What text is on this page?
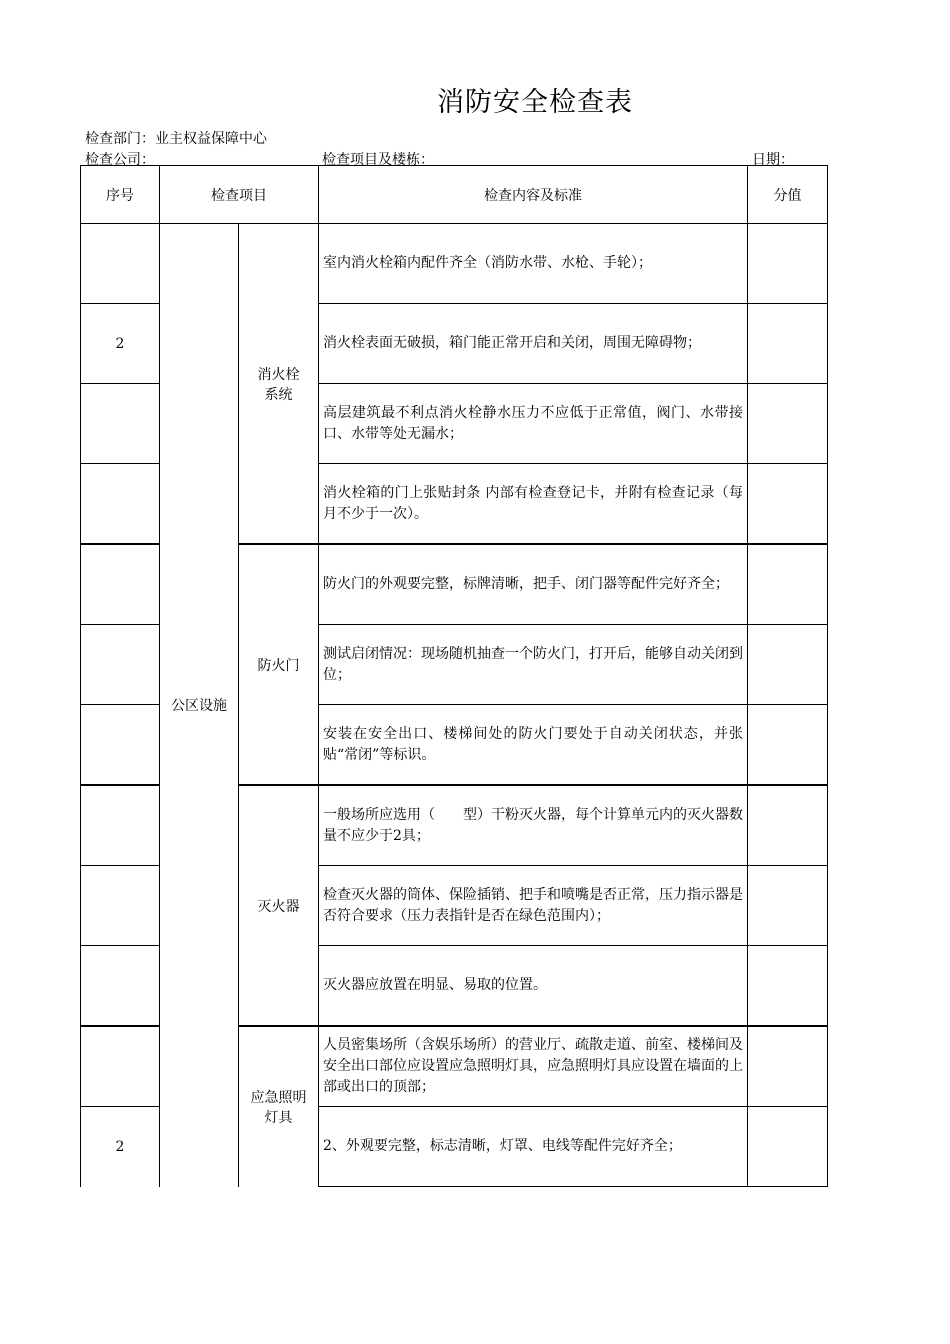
消防安全检查表
检查部门：业主权益保障中心
检查公司：	检查项目及楼栋：	日期：
序号	检查项目		检查内容及标准	分值
	公区设施	消火栓系统	室内消火栓箱内配件齐全（消防水带、水枪、手轮）；	
2			消火栓表面无破损，箱门能正常开启和关闭，周围无障碍物；	
			高层建筑最不利点消火栓静水压力不应低于正常值，阀门、水带接口、水带等处无漏水；	
			消火栓箱的门上张贴封条 内部有检查登记卡，并附有检查记录（每月不少于一次）。	
		防火门	防火门的外观要完整，标牌清晰，把手、闭门器等配件完好齐全；	
			测试启闭情况：现场随机抽查一个防火门，打开后，能够自动关闭到位；	
			安装在安全出口、楼梯间处的防火门要处于自动关闭状态，并张贴“常闭”等标识。	
		灭火器	一般场所应选用（　　型）干粉灭火器，每个计算单元内的灭火器数量不应少于2具；	
			检查灭火器的筒体、保险插销、把手和喷嘴是否正常，压力指示器是否符合要求（压力表指针是否在绿色范围内）；	
			灭火器应放置在明显、易取的位置。	
		应急照明灯具	人员密集场所（含娱乐场所）的营业厅、疏散走道、前室、楼梯间及安全出口部位应设置应急照明灯具，应急照明灯具应设置在墙面的上部或出口的顶部；	
2			2、外观要完整，标志清晰，灯罩、电线等配件完好齐全；	
